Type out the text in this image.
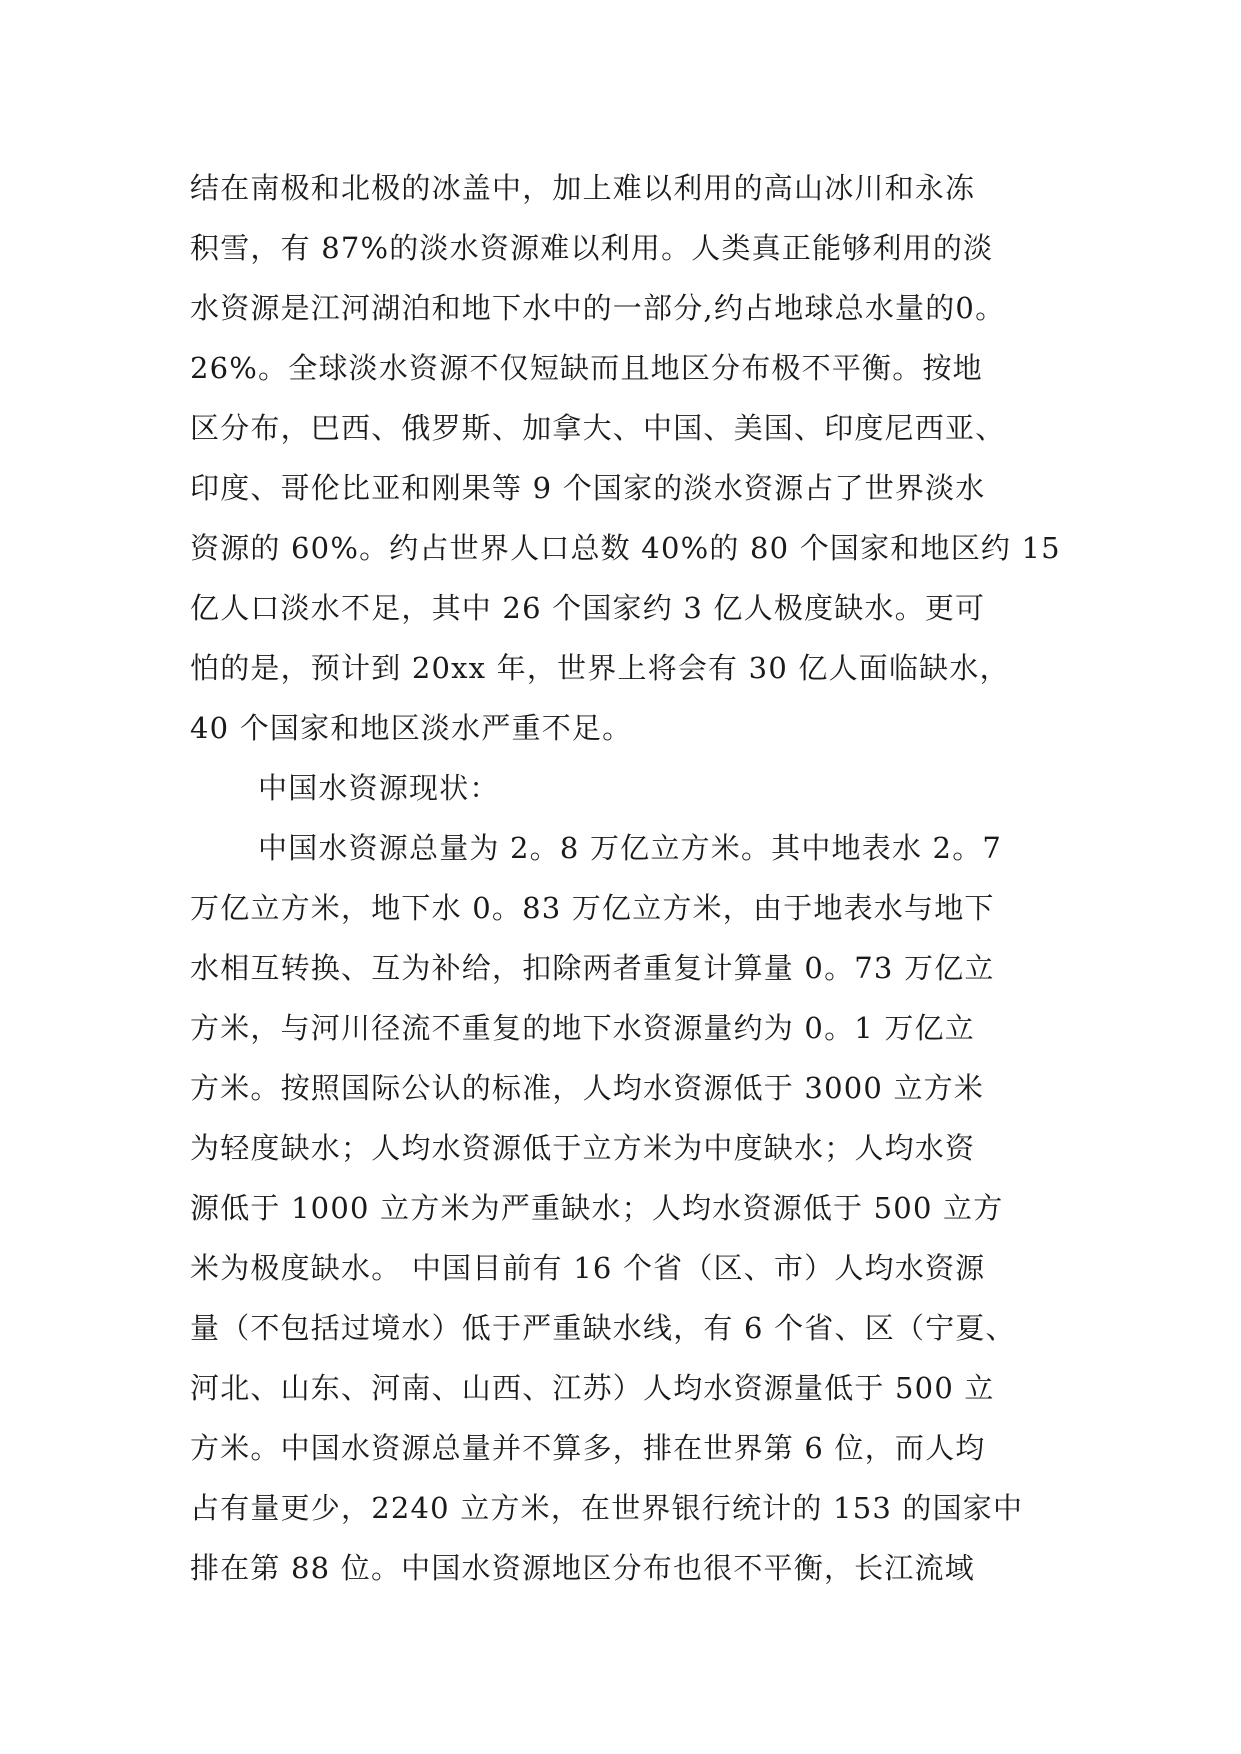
结在南极和北极的冰盖中，加上难以利用的高山冰川和永冻
积雪，有 87%的淡水资源难以利用。人类真正能够利用的淡
水资源是江河湖泊和地下水中的一部分,约占地球总水量的0。
26%。全球淡水资源不仅短缺而且地区分布极不平衡。按地
区分布，巴西、俄罗斯、加拿大、中国、美国、印度尼西亚、
印度、哥伦比亚和刚果等 9 个国家的淡水资源占了世界淡水
资源的 60%。约占世界人口总数 40%的 80 个国家和地区约 15
亿人口淡水不足，其中 26 个国家约 3 亿人极度缺水。更可
怕的是，预计到 20xx 年，世界上将会有 30 亿人面临缺水，
40 个国家和地区淡水严重不足。
中国水资源现状：
中国水资源总量为 2。8 万亿立方米。其中地表水 2。7
万亿立方米，地下水 0。83 万亿立方米，由于地表水与地下
水相互转换、互为补给，扣除两者重复计算量 0。73 万亿立
方米，与河川径流不重复的地下水资源量约为 0。1 万亿立
方米。按照国际公认的标准，人均水资源低于 3000 立方米
为轻度缺水；人均水资源低于立方米为中度缺水；人均水资
源低于 1000 立方米为严重缺水；人均水资源低于 500 立方
米为极度缺水。 中国目前有 16 个省（区、市）人均水资源
量（不包括过境水）低于严重缺水线，有 6 个省、区（宁夏、
河北、山东、河南、山西、江苏）人均水资源量低于 500 立
方米。中国水资源总量并不算多，排在世界第 6 位，而人均
占有量更少，2240 立方米，在世界银行统计的 153 的国家中
排在第 88 位。中国水资源地区分布也很不平衡，长江流域
